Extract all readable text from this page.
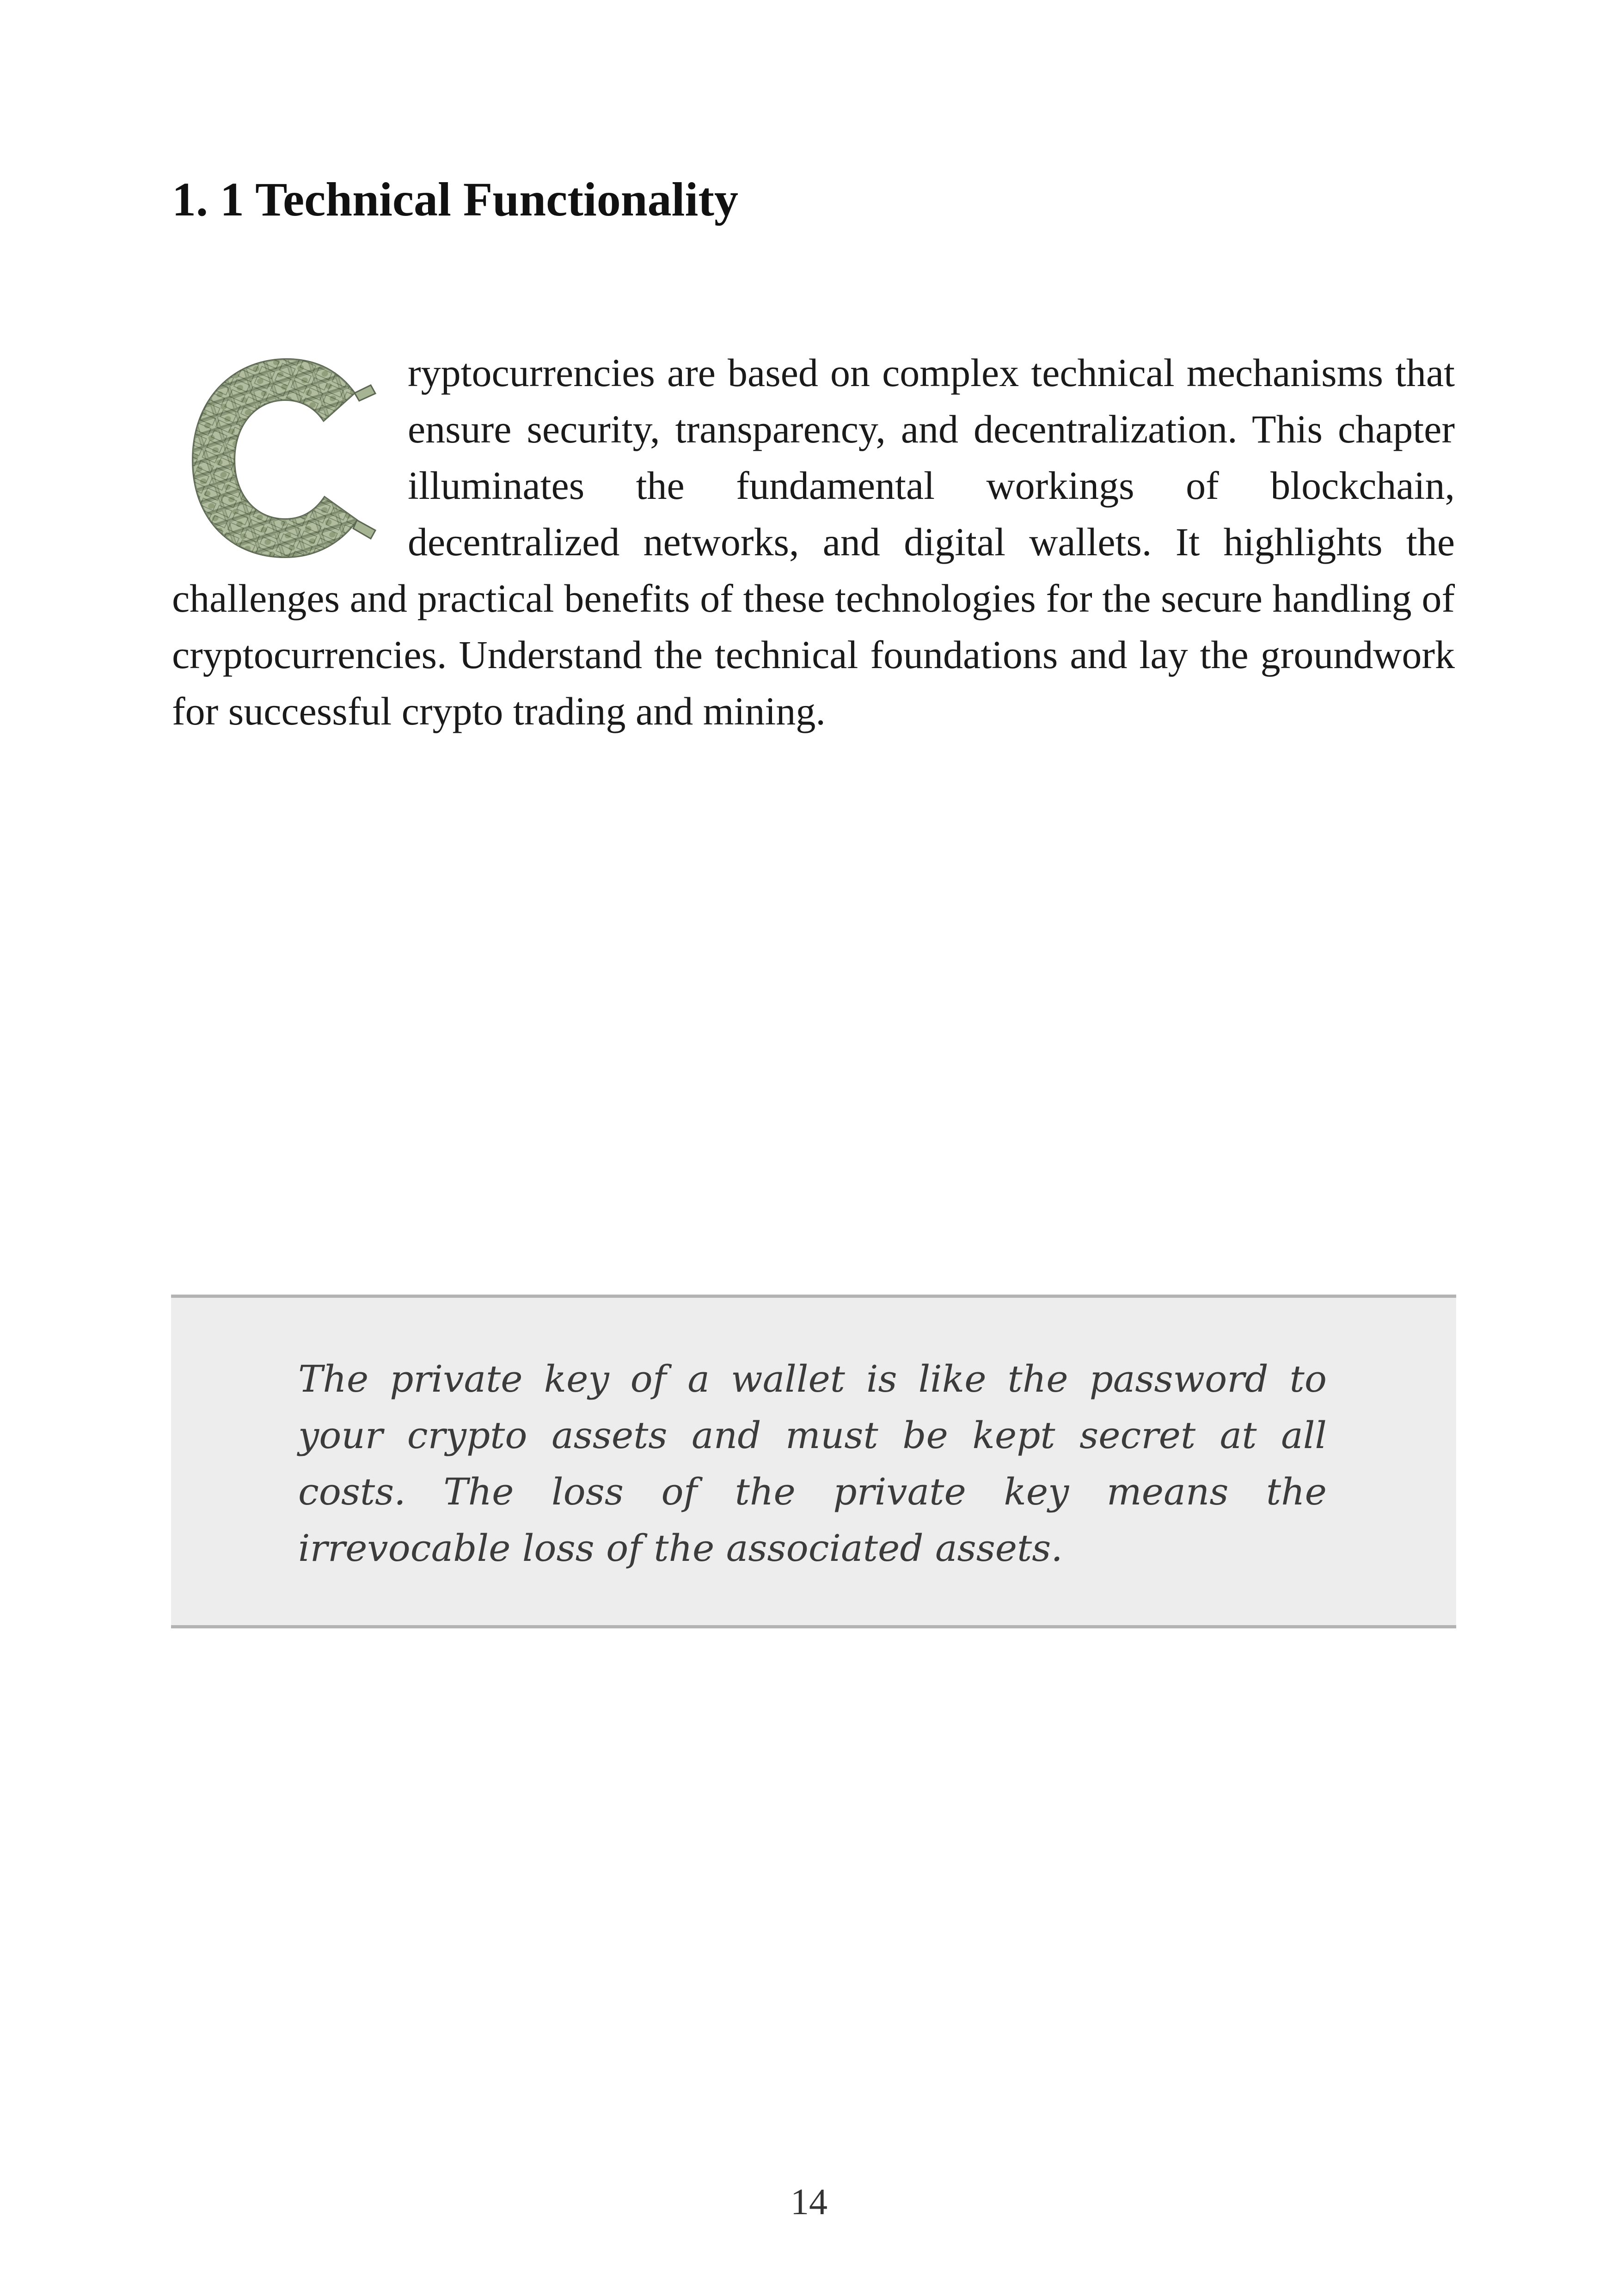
1. 1 Technical Functionality

ryptocurrencies are based on complex technical mechanisms that ensure security, transparency, and decentralization. This chapter illuminates the fundamental workings of blockchain, decentralized networks, and digital wallets. It highlights the challenges and practical benefits of these technologies for the secure handling of cryptocurrencies. Understand the technical foundations and lay the groundwork for successful crypto trading and mining.

The private key of a wallet is like the password to your crypto assets and must be kept secret at all costs. The loss of the private key means the irrevocable loss of the associated assets.

14
